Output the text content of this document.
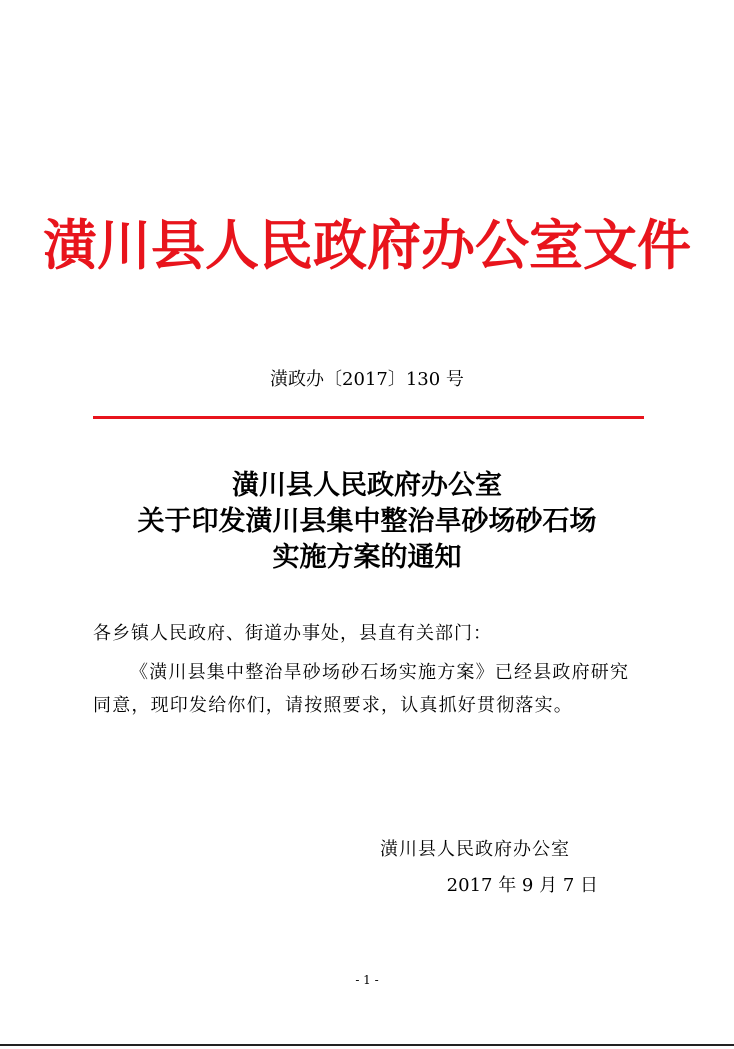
潢川县人民政府办公室文件
潢政办〔2017〕130 号
潢川县人民政府办公室
关于印发潢川县集中整治旱砂场砂石场
实施方案的通知
各乡镇人民政府、街道办事处，县直有关部门：
《潢川县集中整治旱砂场砂石场实施方案》已经县政府研究同意，现印发给你们，请按照要求，认真抓好贯彻落实。
潢川县人民政府办公室
2017 年 9 月 7 日
- 1 -
